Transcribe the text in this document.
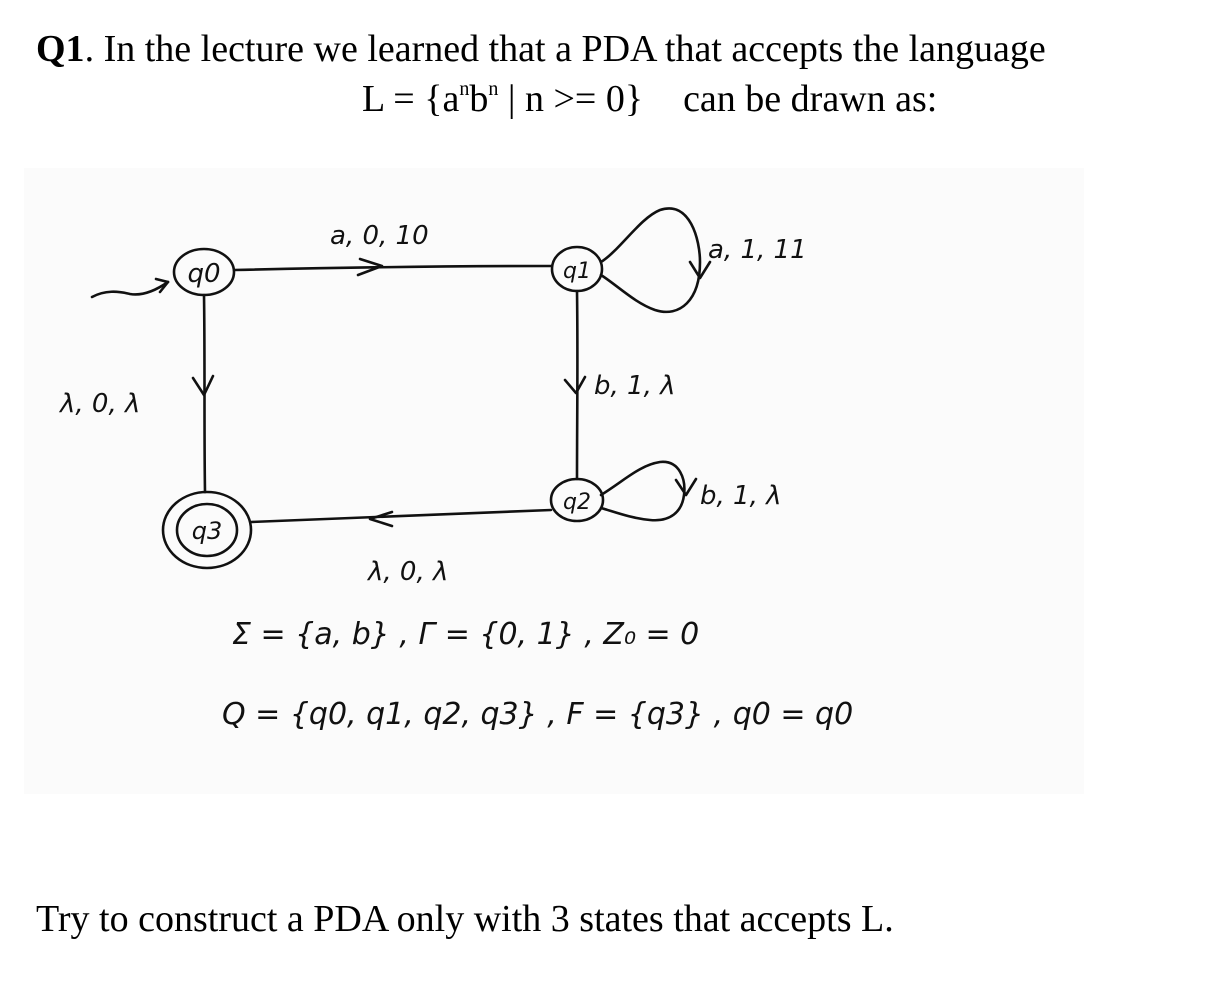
Q1. In the lecture we learned that a PDA that accepts the language
$L = \{a^nb^n$ | n >= 0} can be drawn as:
q0	q1
q2
q3
a, 0, 10	a, 1, 11
b, 1, λ
b, 1, λ
λ, 0, λ
λ, 0, λ
Σ = {a, b} , Γ = {0, 1} , Z₀ = 0
Q = {q0, q1, q2, q3} , F = {q3} , q0 = q0
Try to construct a PDA only with 3 states that accepts L.
